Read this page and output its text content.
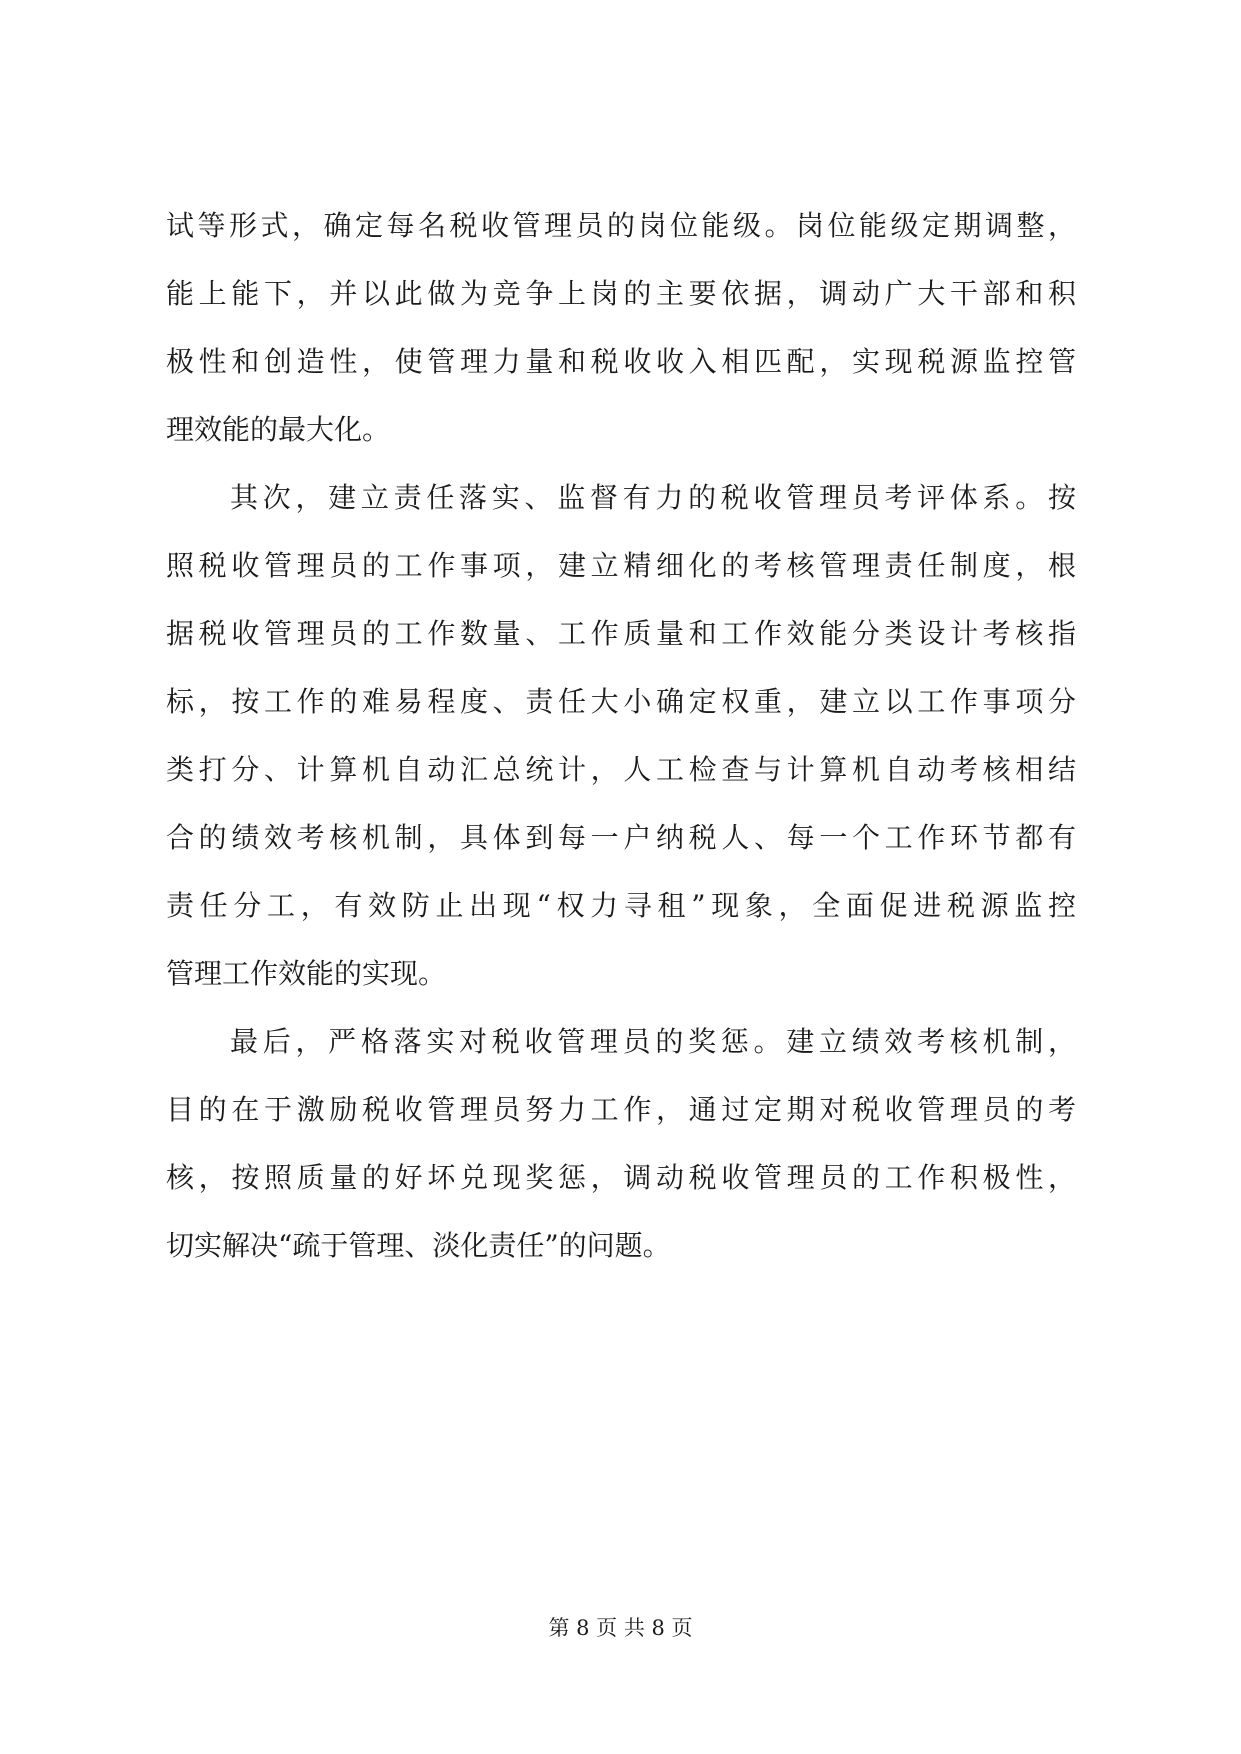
试等形式，确定每名税收管理员的岗位能级。岗位能级定期调整，
能上能下，并以此做为竞争上岗的主要依据，调动广大干部和积
极性和创造性，使管理力量和税收收入相匹配，实现税源监控管
理效能的最大化。
其次，建立责任落实、监督有力的税收管理员考评体系。按
照税收管理员的工作事项，建立精细化的考核管理责任制度，根
据税收管理员的工作数量、工作质量和工作效能分类设计考核指
标，按工作的难易程度、责任大小确定权重，建立以工作事项分
类打分、计算机自动汇总统计，人工检查与计算机自动考核相结
合的绩效考核机制，具体到每一户纳税人、每一个工作环节都有
责任分工，有效防止出现“权力寻租”现象，全面促进税源监控
管理工作效能的实现。
最后，严格落实对税收管理员的奖惩。建立绩效考核机制，
目的在于激励税收管理员努力工作，通过定期对税收管理员的考
核，按照质量的好坏兑现奖惩，调动税收管理员的工作积极性，
切实解决“疏于管理、淡化责任”的问题。
第 8 页 共 8 页
